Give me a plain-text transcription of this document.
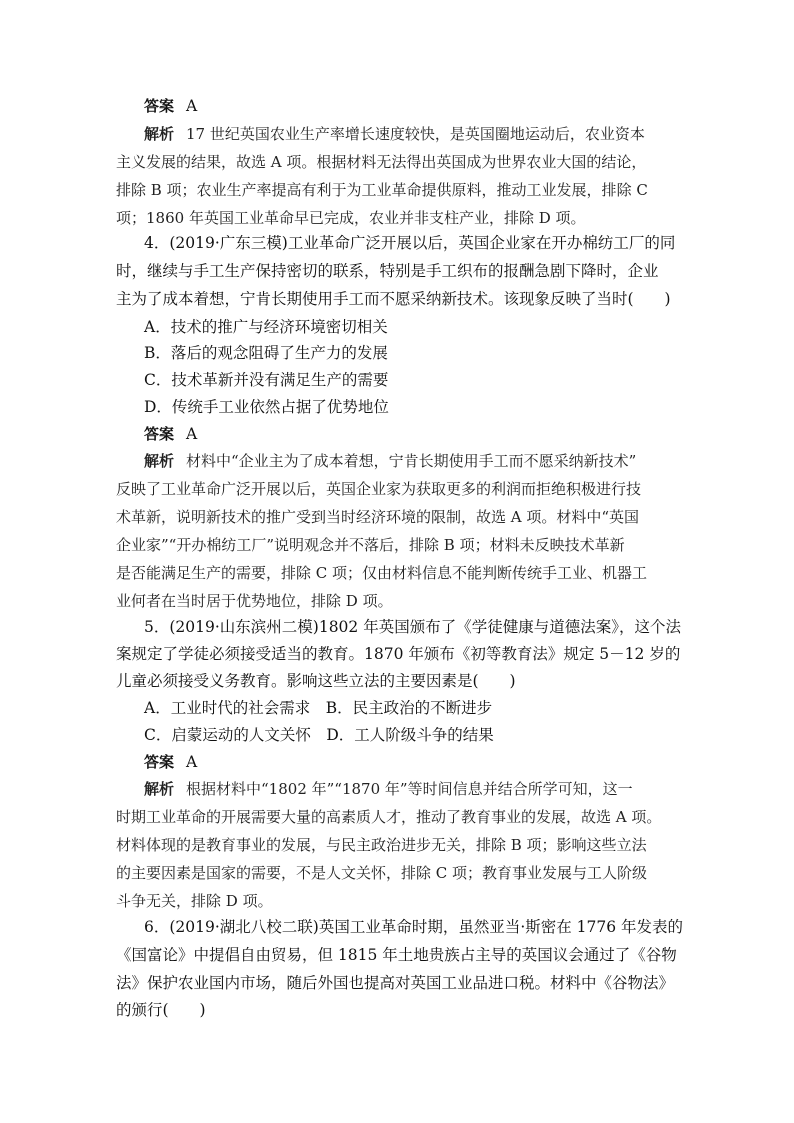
答案 A
解析 17 世纪英国农业生产率增长速度较快，是英国圈地运动后，农业资本
主义发展的结果，故选 A 项。根据材料无法得出英国成为世界农业大国的结论，
排除 B 项；农业生产率提高有利于为工业革命提供原料，推动工业发展，排除 C
项；1860 年英国工业革命早已完成，农业并非支柱产业，排除 D 项。
4．(2019·广东三模)工业革命广泛开展以后，英国企业家在开办棉纺工厂的同
时，继续与手工生产保持密切的联系，特别是手工织布的报酬急剧下降时，企业
主为了成本着想，宁肯长期使用手工而不愿采纳新技术。该现象反映了当时(　　)
A．技术的推广与经济环境密切相关
B．落后的观念阻碍了生产力的发展
C．技术革新并没有满足生产的需要
D．传统手工业依然占据了优势地位
答案 A
解析 材料中“企业主为了成本着想，宁肯长期使用手工而不愿采纳新技术”
反映了工业革命广泛开展以后，英国企业家为获取更多的利润而拒绝积极进行技
术革新，说明新技术的推广受到当时经济环境的限制，故选 A 项。材料中“英国
企业家”“开办棉纺工厂”说明观念并不落后，排除 B 项；材料未反映技术革新
是否能满足生产的需要，排除 C 项；仅由材料信息不能判断传统手工业、机器工
业何者在当时居于优势地位，排除 D 项。
5．(2019·山东滨州二模)1802 年英国颁布了《学徒健康与道德法案》，这个法
案规定了学徒必须接受适当的教育。1870 年颁布《初等教育法》规定 5－12 岁的
儿童必须接受义务教育。影响这些立法的主要因素是(　　)
A．工业时代的社会需求　B．民主政治的不断进步
C．启蒙运动的人文关怀　D．工人阶级斗争的结果
答案 A
解析 根据材料中“1802 年”“1870 年”等时间信息并结合所学可知，这一
时期工业革命的开展需要大量的高素质人才，推动了教育事业的发展，故选 A 项。
材料体现的是教育事业的发展，与民主政治进步无关，排除 B 项；影响这些立法
的主要因素是国家的需要，不是人文关怀，排除 C 项；教育事业发展与工人阶级
斗争无关，排除 D 项。
6．(2019·湖北八校二联)英国工业革命时期，虽然亚当·斯密在 1776 年发表的
《国富论》中提倡自由贸易，但 1815 年土地贵族占主导的英国议会通过了《谷物
法》保护农业国内市场，随后外国也提高对英国工业品进口税。材料中《谷物法》
的颁行(　　)
